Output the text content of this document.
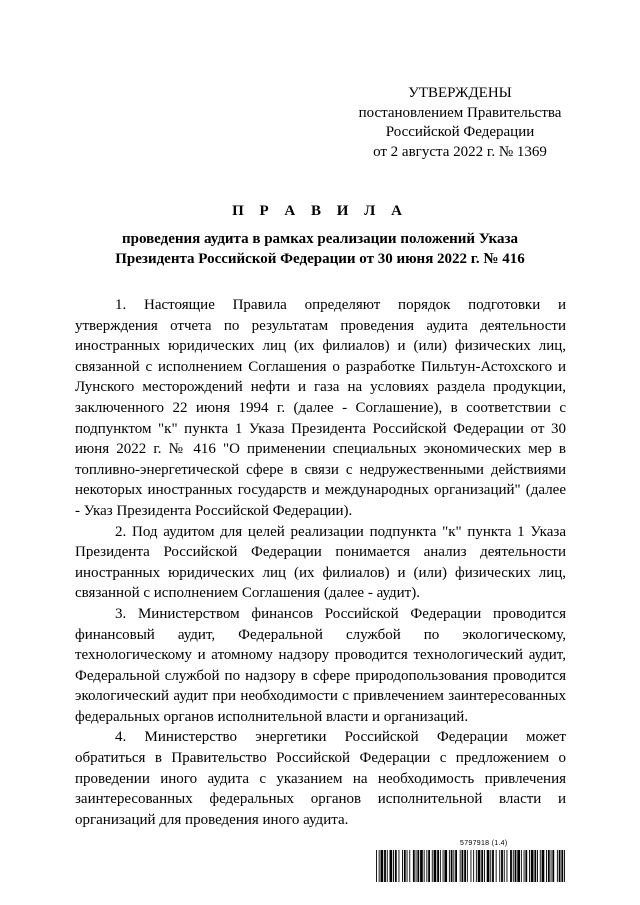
УТВЕРЖДЕНЫ
постановлением Правительства
Российской Федерации
от 2 августа 2022 г. № 1369
П Р А В И Л А
проведения аудита в рамках реализации положений Указа
Президента Российской Федерации от 30 июня 2022 г. № 416

1. Настоящие Правила определяют порядок подготовки и утверждения отчета по результатам проведения аудита деятельности иностранных юридических лиц (их филиалов) и (или) физических лиц, связанной с исполнением Соглашения о разработке Пильтун-Астохского и Лунского месторождений нефти и газа на условиях раздела продукции, заключенного 22 июня 1994 г. (далее - Соглашение), в соответствии с подпунктом "к" пункта 1 Указа Президента Российской Федерации от 30 июня 2022 г. № 416 "О применении специальных экономических мер в топливно-энергетической сфере в связи с недружественными действиями некоторых иностранных государств и международных организаций" (далее - Указ Президента Российской Федерации).

2. Под аудитом для целей реализации подпункта "к" пункта 1 Указа Президента Российской Федерации понимается анализ деятельности иностранных юридических лиц (их филиалов) и (или) физических лиц, связанной с исполнением Соглашения (далее - аудит).

3. Министерством финансов Российской Федерации проводится финансовый аудит, Федеральной службой по экологическому, технологическому и атомному надзору проводится технологический аудит, Федеральной службой по надзору в сфере природопользования проводится экологический аудит при необходимости с привлечением заинтересованных федеральных органов исполнительной власти и организаций.

4. Министерство энергетики Российской Федерации может обратиться в Правительство Российской Федерации с предложением о проведении иного аудита с указанием на необходимость привлечения заинтересованных федеральных органов исполнительной власти и организаций для проведения иного аудита.

5797918 (1.4)
